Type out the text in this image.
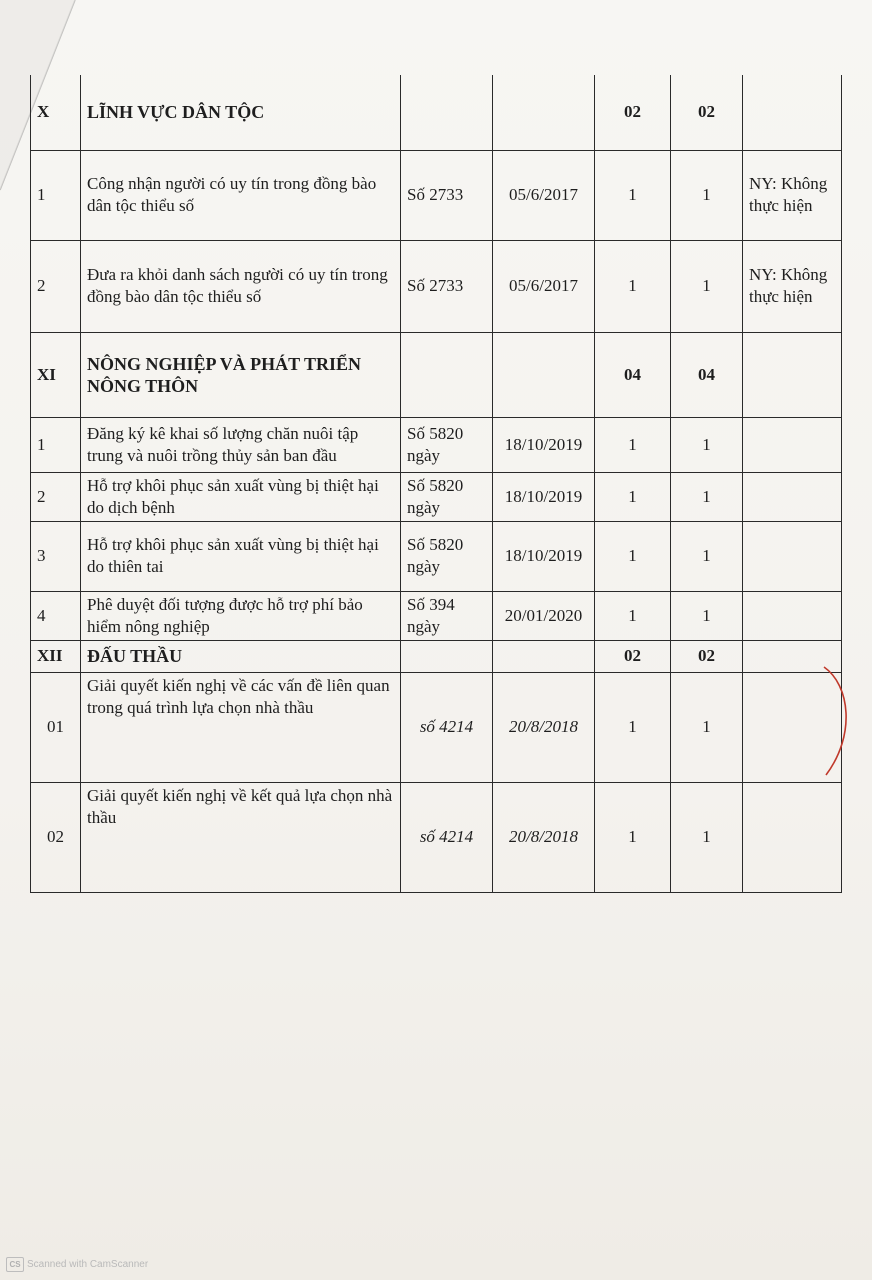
X	LĨNH VỰC DÂN TỘC			02	02	
1	Công nhận người có uy tín trong đồng bào dân tộc thiểu số	Số 2733	05/6/2017	1	1	NY: Không thực hiện
2	Đưa ra khỏi danh sách người có uy tín trong đồng bào dân tộc thiểu số	Số 2733	05/6/2017	1	1	NY: Không thực hiện
XI	NÔNG NGHIỆP VÀ PHÁT TRIỂN NÔNG THÔN			04	04	
1	Đăng ký kê khai số lượng chăn nuôi tập trung và nuôi trồng thủy sản ban đầu	Số 5820 ngày	18/10/2019	1	1	
2	Hỗ trợ khôi phục sản xuất vùng bị thiệt hại do dịch bệnh	Số 5820 ngày	18/10/2019	1	1	
3	Hỗ trợ khôi phục sản xuất vùng bị thiệt hại do thiên tai	Số 5820 ngày	18/10/2019	1	1	
4	Phê duyệt đối tượng được hỗ trợ phí bảo hiểm nông nghiệp	Số 394 ngày	20/01/2020	1	1	
XII	ĐẤU THẦU			02	02	
01	Giải quyết kiến nghị về các vấn đề liên quan trong quá trình lựa chọn nhà thầu	số 4214	20/8/2018	1	1	
02	Giải quyết kiến nghị về kết quả lựa chọn nhà thầu	số 4214	20/8/2018	1	1	
CS Scanned with CamScanner
